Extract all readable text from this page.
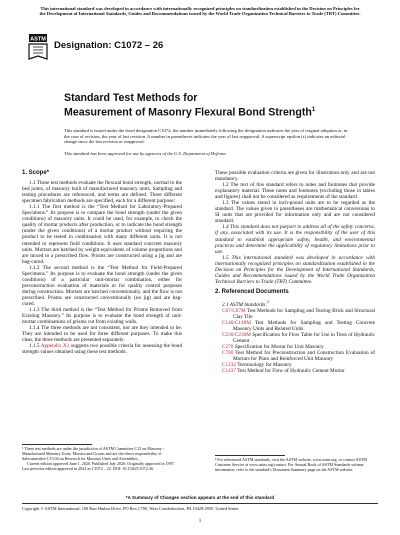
This international standard was developed in accordance with internationally recognized principles on standardization established in the Decision on Principles for the Development of International Standards, Guides and Recommendations issued by the World Trade Organization Technical Barriers to Trade (TBT) Committee.
ASTM
Designation: C1072 – 26
Standard Test Methods for
Measurement of Masonry Flexural Bond Strength$^1$
This standard is issued under the fixed designation C1072; the number immediately following the designation indicates the year of original adoption or, in the case of revision, the year of last revision. A number in parentheses indicates the year of last reapproval. A superscript epsilon (ε) indicates an editorial change since the last revision or reapproval.
This standard has been approved for use by agencies of the U.S. Department of Defense.

1. Scope*

1.1 These test methods evaluate the flexural bond strength, normal to the bed joints, of masonry built of manufactured masonry units. Sampling and testing procedures are referenced, and terms are defined. Three different specimen fabrication methods are specified, each for a different purpose:

1.1.1 The first method is the “Test Method for Laboratory-Prepared Specimens.” Its purpose is to compare the bond strength (under the given conditions) of masonry units. It could be used, for example, to check the quality of mortar products after production, or to indicate the bond strength (under the given conditions) of a mortar product without requiring the product to be tested in combination with many different units. It is not intended to represent field conditions. It uses standard concrete masonry units. Mortars are batched by weight equivalents of volume proportions and are mixed to a prescribed flow. Prisms are constructed using a jig and are bag-cured.

1.1.2 The second method is the “Test Method for Field-Prepared Specimens.” Its purpose is to evaluate the bond strength (under the given conditions) of a particular unit-mortar combination, either for preconstruction evaluation of materials or for quality control purposes during construction. Mortars are batched conventionally, and the flow is not prescribed. Prisms are constructed conventionally (no jig) and are bag-cured.

1.1.3 The third method is the “Test Method for Prisms Removed from Existing Masonry.” Its purpose is to evaluate the bond strength of unit-mortar combinations of prisms cut from existing walls.

1.1.4 The three methods are not consistent, nor are they intended to be. They are intended to be used for three different purposes. To make this clear, the three methods are presented separately.

1.1.5 Appendix X1 suggests two possible criteria for assessing the bond strength values obtained using these test methods.

These possible evaluation criteria are given for illustration only and are not mandatory.

1.2 The text of this standard refers to notes and footnotes that provide explanatory material. These notes and footnotes (excluding those in tables and figures) shall not be considered as requirements of the standard.

1.3 The values stated in inch-pound units are to be regarded as the standard. The values given in parentheses are mathematical conversions to SI units that are provided for information only and are not considered standard.

1.4 This standard does not purport to address all of the safety concerns, if any, associated with its use. It is the responsibility of the user of this standard to establish appropriate safety, health, and environmental practices and determine the applicability of regulatory limitations prior to use.

1.5 This international standard was developed in accordance with internationally recognized principles on standardization established in the Decision on Principles for the Development of International Standards, Guides and Recommendations issued by the World Trade Organization Technical Barriers to Trade (TBT) Committee.

2. Referenced Documents

2.1 ASTM Standards:$^2$

C67/C67M Test Methods for Sampling and Testing Brick and Structural Clay Tile

C140/C140M Test Methods for Sampling and Testing Concrete Masonry Units and Related Units

C230/C230M Specification for Flow Table for Use in Tests of Hydraulic Cement

C270 Specification for Mortar for Unit Masonry

C780 Test Method for Preconstruction and Construction Evaluation of Mortars for Plain and Reinforced Unit Masonry

C1232 Terminology for Masonry

C1437 Test Method for Flow of Hydraulic Cement Mortar

¹ These test methods are under the jurisdiction of ASTM Committee C15 on Masonry - Manufactured Masonry Units, Mortars and Grouts and are the direct responsibility of Subcommittee C15.04 on Research for Masonry Units and Assemblies.
Current edition approved June 1, 2026. Published July 2026. Originally approved in 1997. Last previous edition approved in 2022 as C1072 – 22. DOI: 10.1520/C1072-26.
² For referenced ASTM standards, visit the ASTM website, www.astm.org, or contact ASTM Customer Service at www.astm.org/contact. For Annual Book of ASTM Standards volume information, refer to the standard's Document Summary page on the ASTM website.
*A Summary of Changes section appears at the end of this standard
Copyright © ASTM International, 100 Barr Harbor Drive, PO Box C700, West Conshohocken, PA 19428-2959. United States
1
